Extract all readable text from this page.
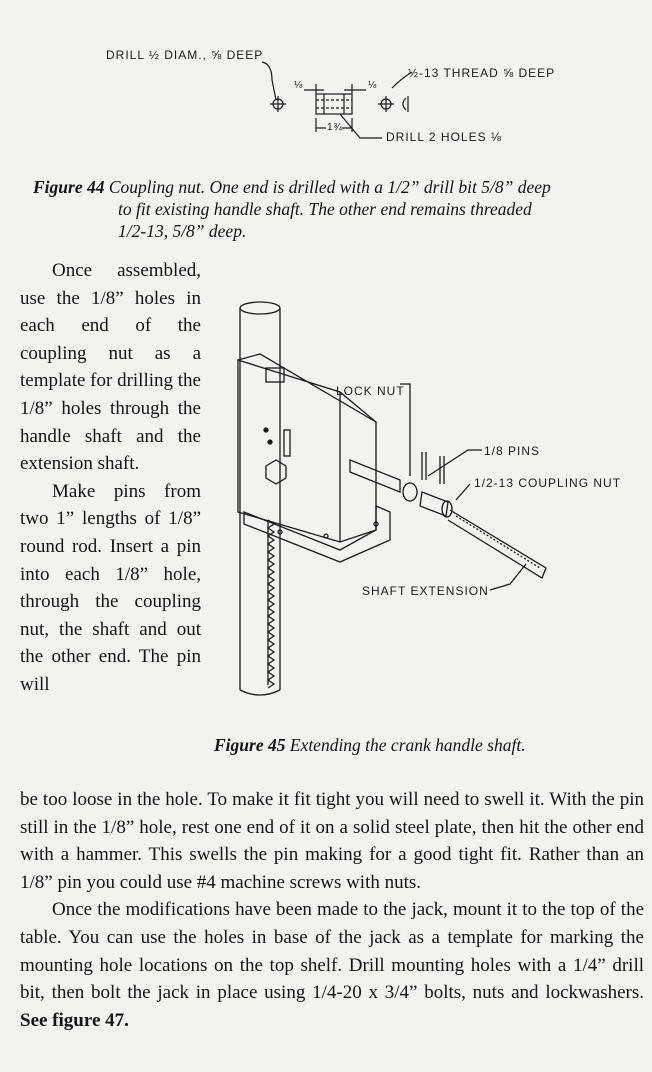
DRILL ½ DIAM., ⅝ DEEP
½-13 THREAD ⅝ DEEP
DRILL 2 HOLES ⅛
⅛	⅛
1¾
Figure 44 Coupling nut. One end is drilled with a 1/2” drill bit 5/8” deep
to fit existing handle shaft. The other end remains threaded
1/2-13, 5/8” deep.

Once assembled, use the 1/8” holes in each end of the coupling nut as a template for drilling the 1/8” holes through the handle shaft and the extension shaft.

Make pins from two 1” lengths of 1/8” round rod. Insert a pin into each 1/8” hole, through the coupling nut, the shaft and out the other end. The pin will

LOCK NUT
1/8 PINS
1/2-13 COUPLING NUT
SHAFT EXTENSION
Figure 45 Extending the crank handle shaft.

be too loose in the hole. To make it fit tight you will need to swell it. With the pin still in the 1/8” hole, rest one end of it on a solid steel plate, then hit the other end with a hammer. This swells the pin making for a good tight fit. Rather than an 1/8” pin you could use #4 machine screws with nuts.

Once the modifications have been made to the jack, mount it to the top of the table. You can use the holes in base of the jack as a template for marking the mounting hole locations on the top shelf. Drill mounting holes with a 1/4” drill bit, then bolt the jack in place using 1/4-20 x 3/4” bolts, nuts and lockwashers. See figure 47.
